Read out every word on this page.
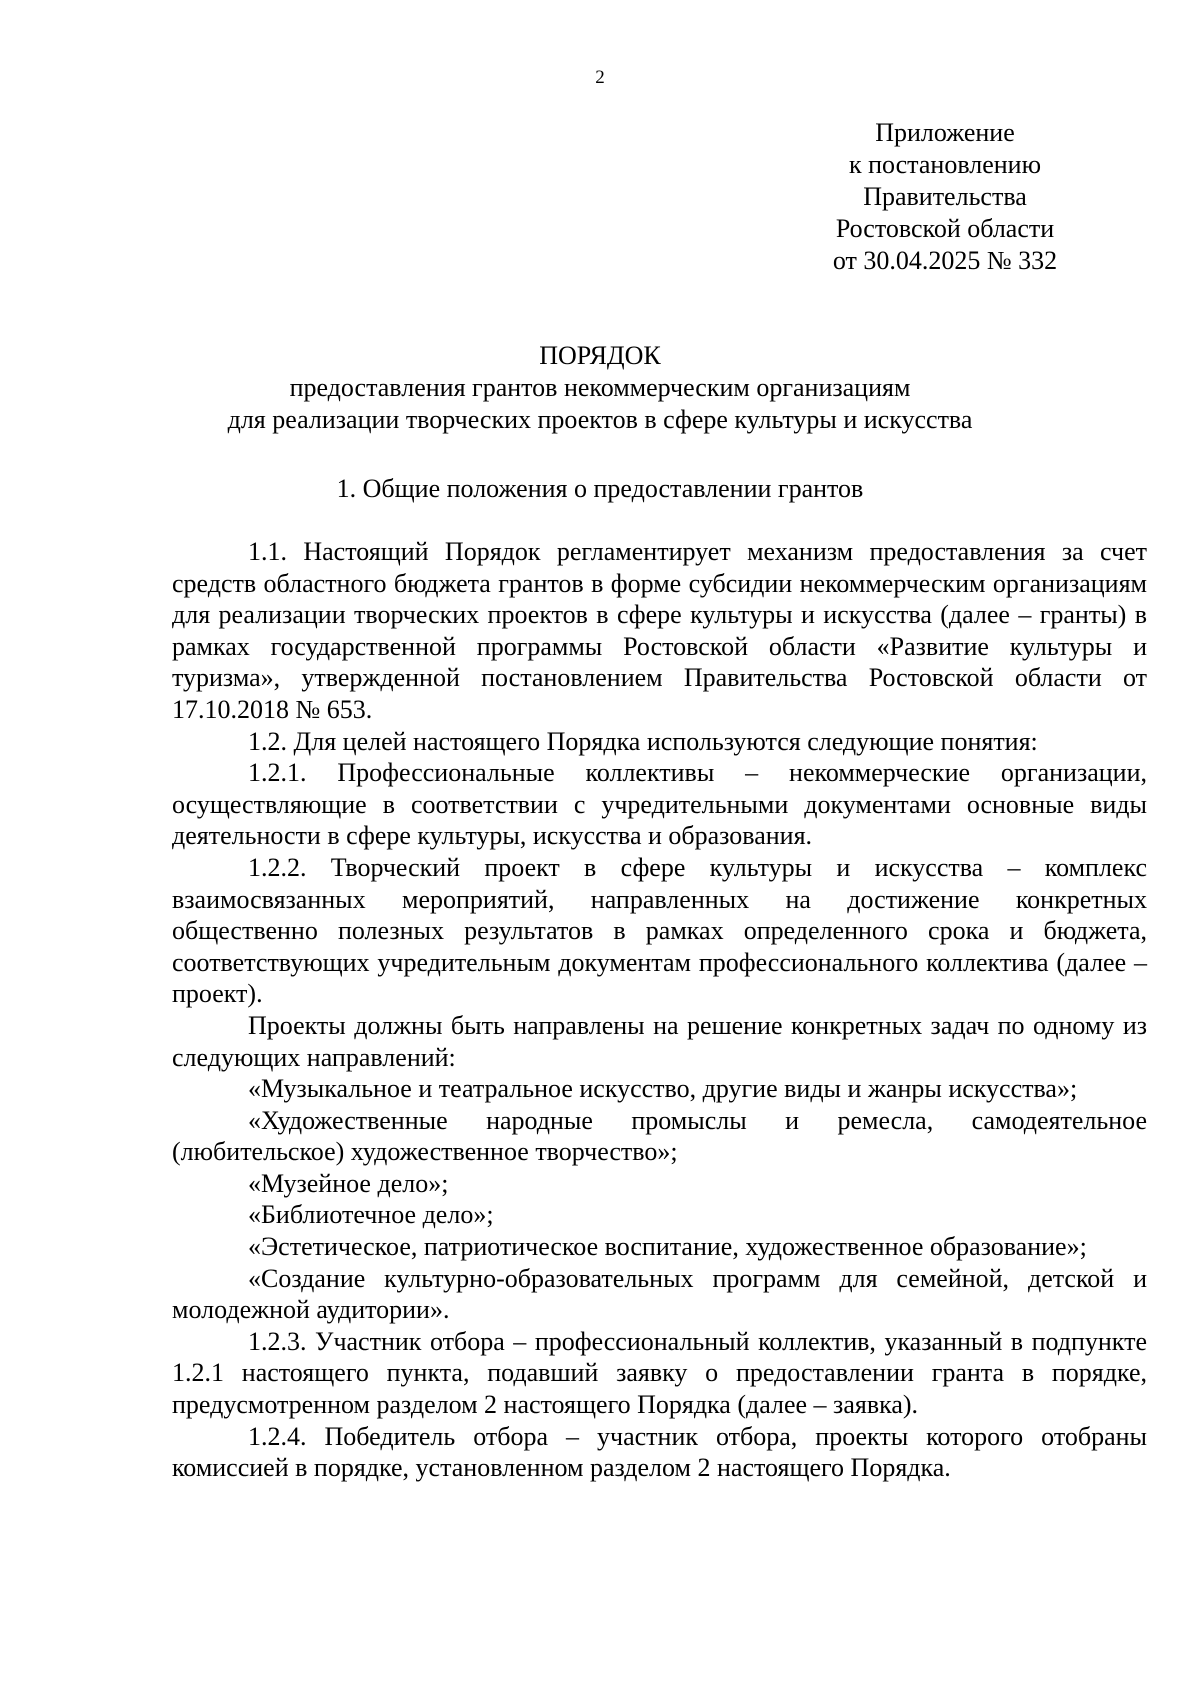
2
Приложение
к постановлению
Правительства
Ростовской области
от 30.04.2025 № 332
ПОРЯДОК
предоставления грантов некоммерческим организациям
для реализации творческих проектов в сфере культуры и искусства
1. Общие положения о предоставлении грантов

1.1. Настоящий Порядок регламентирует механизм предоставления за счет средств областного бюджета грантов в форме субсидии некоммерческим организациям для реализации творческих проектов в сфере культуры и искусства (далее – гранты) в рамках государственной программы Ростовской области «Развитие культуры и туризма», утвержденной постановлением Правительства Ростовской области от 17.10.2018 № 653.

1.2. Для целей настоящего Порядка используются следующие понятия:

1.2.1. Профессиональные коллективы – некоммерческие организации, осуществляющие в соответствии с учредительными документами основные виды деятельности в сфере культуры, искусства и образования.

1.2.2. Творческий проект в сфере культуры и искусства – комплекс взаимосвязанных мероприятий, направленных на достижение конкретных общественно полезных результатов в рамках определенного срока и бюджета, соответствующих учредительным документам профессионального коллектива (далее – проект).

Проекты должны быть направлены на решение конкретных задач по одному из следующих направлений:

«Музыкальное и театральное искусство, другие виды и жанры искусства»;

«Художественные народные промыслы и ремесла, самодеятельное (любительское) художественное творчество»;

«Музейное дело»;

«Библиотечное дело»;

«Эстетическое, патриотическое воспитание, художественное образование»;

«Создание культурно-образовательных программ для семейной, детской и молодежной аудитории».

1.2.3. Участник отбора – профессиональный коллектив, указанный в подпункте 1.2.1 настоящего пункта, подавший заявку о предоставлении гранта в порядке, предусмотренном разделом 2 настоящего Порядка (далее – заявка).

1.2.4. Победитель отбора – участник отбора, проекты которого отобраны комиссией в порядке, установленном разделом 2 настоящего Порядка.
